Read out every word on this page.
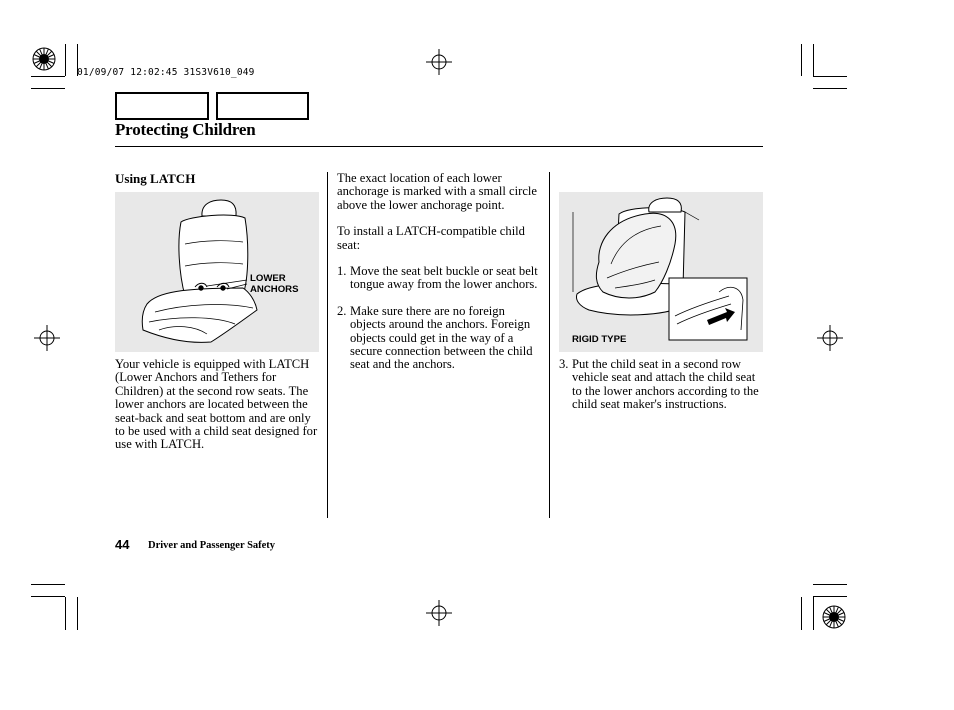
01/09/07 12:02:45 31S3V610_049
Protecting Children
Using LATCH
LOWER
ANCHORS

Your vehicle is equipped with LATCH (Lower Anchors and Tethers for Children) at the second row seats. The lower anchors are located between the seat-back and seat bottom and are only to be used with a child seat designed for use with LATCH.

The exact location of each lower anchorage is marked with a small circle above the lower anchorage point.

To install a LATCH-compatible child seat:

1. Move the seat belt buckle or seat belt tongue away from the lower anchors.
2. Make sure there are no foreign objects around the anchors. Foreign objects could get in the way of a secure connection between the child seat and the anchors.
RIGID TYPE
3. Put the child seat in a second row vehicle seat and attach the child seat to the lower anchors according to the child seat maker's instructions.
44 Driver and Passenger Safety
